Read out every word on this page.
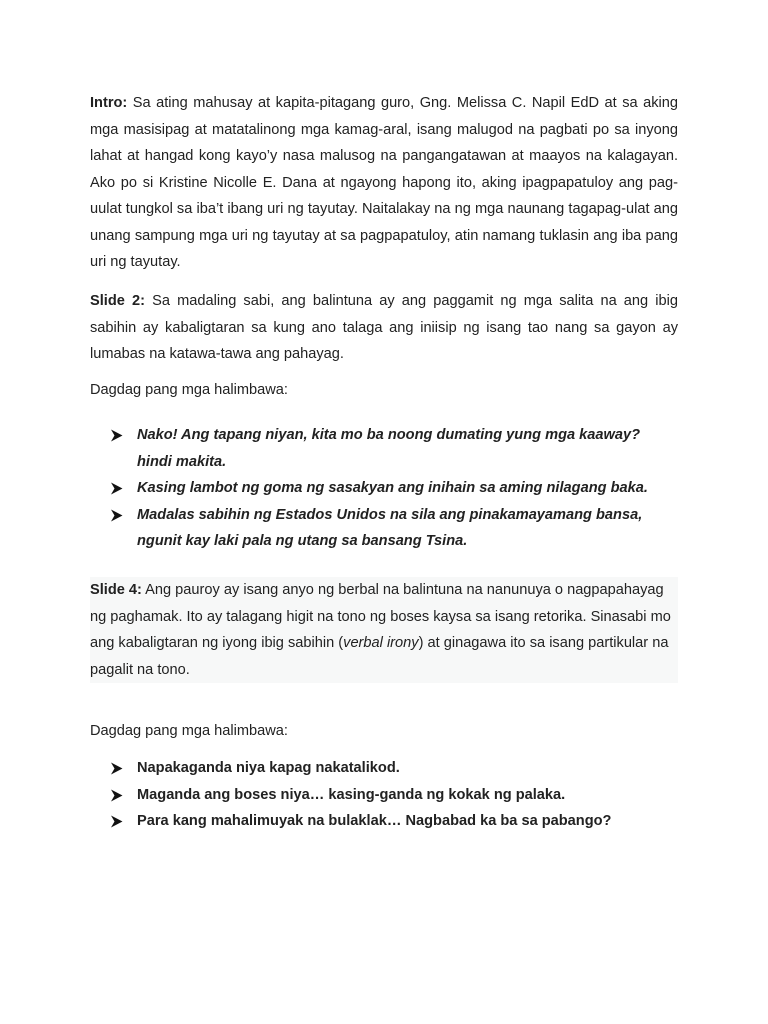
Intro: Sa ating mahusay at kapita-pitagang guro, Gng. Melissa C. Napil EdD at sa aking mga masisipag at matatalinong mga kamag-aral, isang malugod na pagbati po sa inyong lahat at hangad kong kayo’y nasa malusog na pangangatawan at maayos na kalagayan. Ako po si Kristine Nicolle E. Dana at ngayong hapong ito, aking ipagpapatuloy ang pag-uulat tungkol sa iba’t ibang uri ng tayutay. Naitalakay na ng mga naunang tagapag-ulat ang unang sampung mga uri ng tayutay at sa pagpapatuloy, atin namang tuklasin ang iba pang uri ng tayutay.

Slide 2: Sa madaling sabi, ang balintuna ay ang paggamit ng mga salita na ang ibig sabihin ay kabaligtaran sa kung ano talaga ang iniisip ng isang tao nang sa gayon ay lumabas na katawa-tawa ang pahayag.

Dagdag pang mga halimbawa:

Nako! Ang tapang niyan, kita mo ba noong dumating yung mga kaaway? hindi makita.
Kasing lambot ng goma ng sasakyan ang inihain sa aming nilagang baka.
Madalas sabihin ng Estados Unidos na sila ang pinakamayamang bansa, ngunit kay laki pala ng utang sa bansang Tsina.

Slide 4: Ang pauroy ay isang anyo ng berbal na balintuna na nanunuya o nagpapahayag ng paghamak. Ito ay talagang higit na tono ng boses kaysa sa isang retorika. Sinasabi mo ang kabaligtaran ng iyong ibig sabihin (verbal irony) at ginagawa ito sa isang partikular na pagalit na tono.

Dagdag pang mga halimbawa:

Napakaganda niya kapag nakatalikod.
Maganda ang boses niya… kasing-ganda ng kokak ng palaka.
Para kang mahalimuyak na bulaklak… Nagbabad ka ba sa pabango?
